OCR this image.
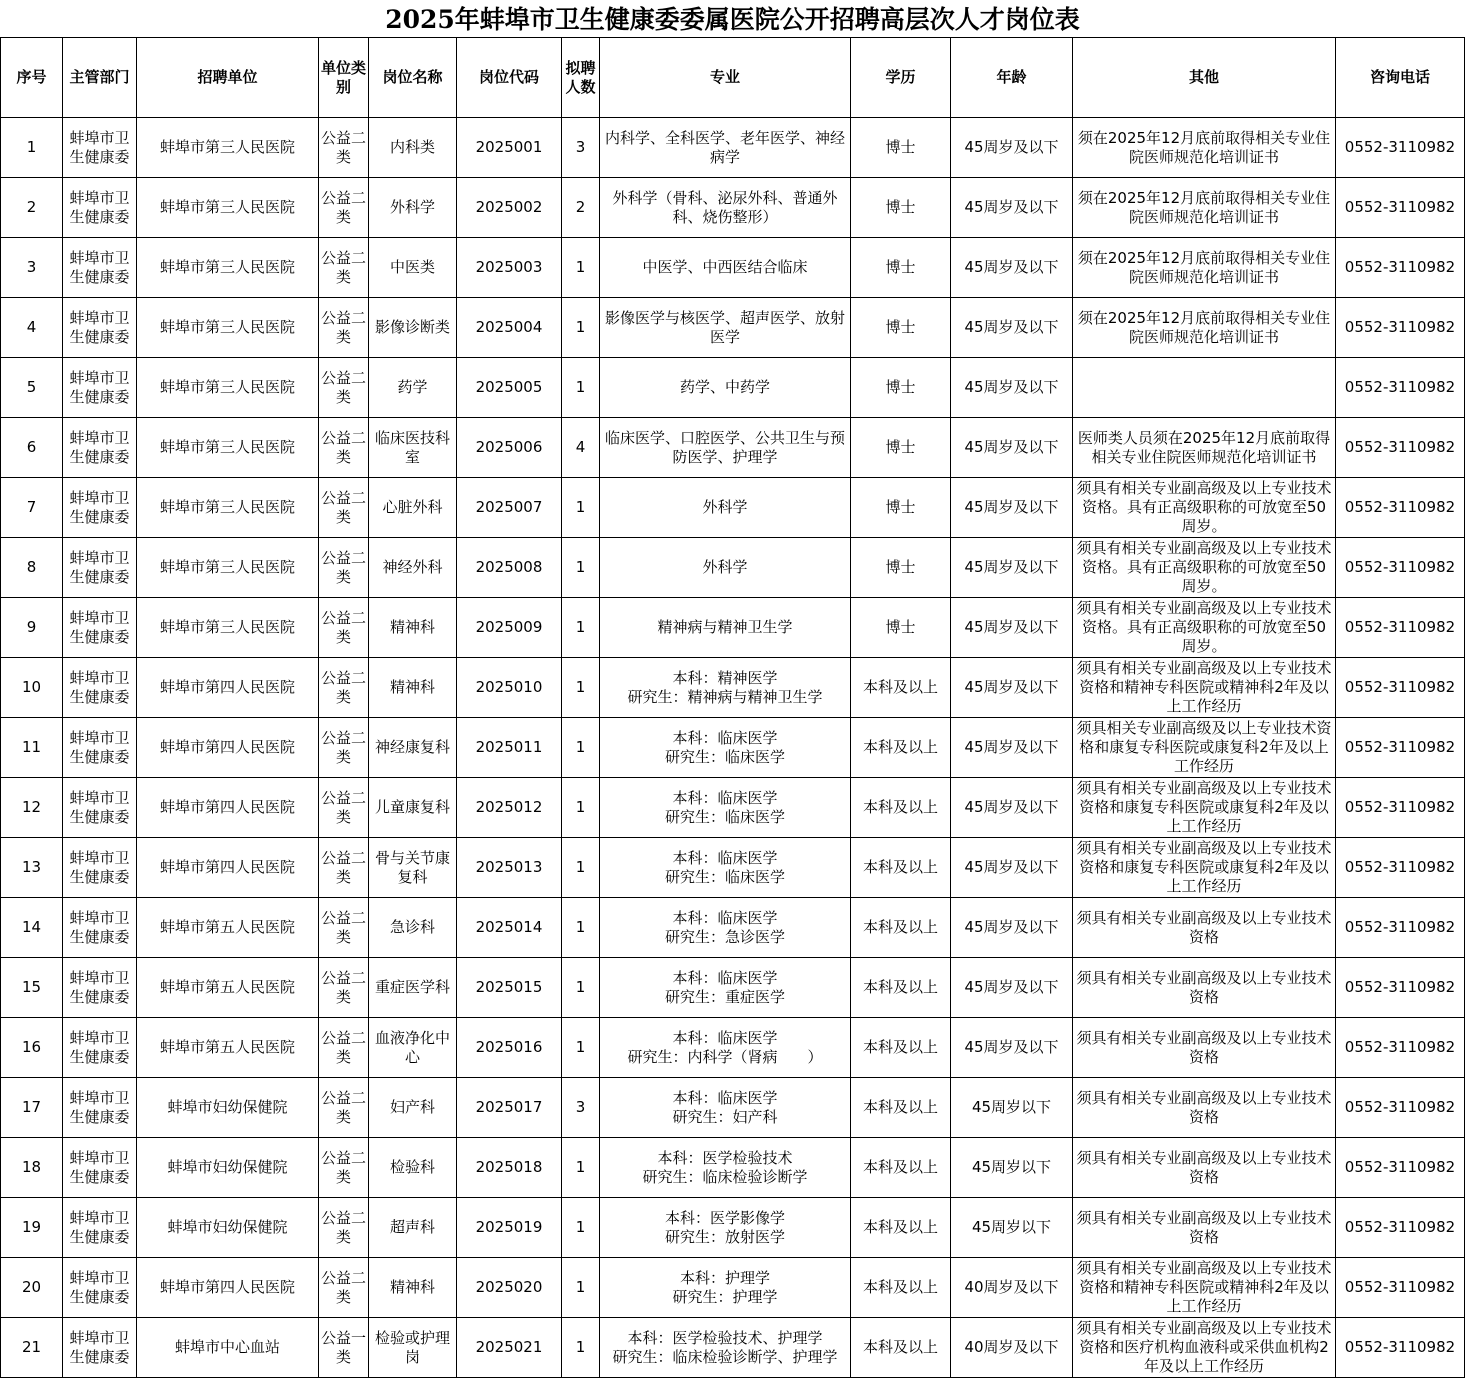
2025年蚌埠市卫生健康委委属医院公开招聘高层次人才岗位表
序号	主管部门	招聘单位	单位类别	岗位名称	岗位代码	拟聘人数	专业	学历	年龄	其他	咨询电话
1	蚌埠市卫生健康委	蚌埠市第三人民医院	公益二类	内科类	2025001	3	内科学、全科医学、老年医学、神经病学	博士	45周岁及以下	须在2025年12月底前取得相关专业住院医师规范化培训证书	0552-3110982
2	蚌埠市卫生健康委	蚌埠市第三人民医院	公益二类	外科学	2025002	2	外科学（骨科、泌尿外科、普通外科、烧伤整形）	博士	45周岁及以下	须在2025年12月底前取得相关专业住院医师规范化培训证书	0552-3110982
3	蚌埠市卫生健康委	蚌埠市第三人民医院	公益二类	中医类	2025003	1	中医学、中西医结合临床	博士	45周岁及以下	须在2025年12月底前取得相关专业住院医师规范化培训证书	0552-3110982
4	蚌埠市卫生健康委	蚌埠市第三人民医院	公益二类	影像诊断类	2025004	1	影像医学与核医学、超声医学、放射医学	博士	45周岁及以下	须在2025年12月底前取得相关专业住院医师规范化培训证书	0552-3110982
5	蚌埠市卫生健康委	蚌埠市第三人民医院	公益二类	药学	2025005	1	药学、中药学	博士	45周岁及以下		0552-3110982
6	蚌埠市卫生健康委	蚌埠市第三人民医院	公益二类	临床医技科室	2025006	4	临床医学、口腔医学、公共卫生与预防医学、护理学	博士	45周岁及以下	医师类人员须在2025年12月底前取得相关专业住院医师规范化培训证书	0552-3110982
7	蚌埠市卫生健康委	蚌埠市第三人民医院	公益二类	心脏外科	2025007	1	外科学	博士	45周岁及以下	须具有相关专业副高级及以上专业技术资格。具有正高级职称的可放宽至50周岁。	0552-3110982
8	蚌埠市卫生健康委	蚌埠市第三人民医院	公益二类	神经外科	2025008	1	外科学	博士	45周岁及以下	须具有相关专业副高级及以上专业技术资格。具有正高级职称的可放宽至50周岁。	0552-3110982
9	蚌埠市卫生健康委	蚌埠市第三人民医院	公益二类	精神科	2025009	1	精神病与精神卫生学	博士	45周岁及以下	须具有相关专业副高级及以上专业技术资格。具有正高级职称的可放宽至50周岁。	0552-3110982
10	蚌埠市卫生健康委	蚌埠市第四人民医院	公益二类	精神科	2025010	1	本科：精神医学
研究生：精神病与精神卫生学	本科及以上	45周岁及以下	须具有相关专业副高级及以上专业技术资格和精神专科医院或精神科2年及以上工作经历	0552-3110982
11	蚌埠市卫生健康委	蚌埠市第四人民医院	公益二类	神经康复科	2025011	1	本科：临床医学
研究生：临床医学	本科及以上	45周岁及以下	须具相关专业副高级及以上专业技术资格和康复专科医院或康复科2年及以上工作经历	0552-3110982
12	蚌埠市卫生健康委	蚌埠市第四人民医院	公益二类	儿童康复科	2025012	1	本科：临床医学
研究生：临床医学	本科及以上	45周岁及以下	须具有相关专业副高级及以上专业技术资格和康复专科医院或康复科2年及以上工作经历	0552-3110982
13	蚌埠市卫生健康委	蚌埠市第四人民医院	公益二类	骨与关节康复科	2025013	1	本科：临床医学
研究生：临床医学	本科及以上	45周岁及以下	须具有相关专业副高级及以上专业技术资格和康复专科医院或康复科2年及以上工作经历	0552-3110982
14	蚌埠市卫生健康委	蚌埠市第五人民医院	公益二类	急诊科	2025014	1	本科：临床医学
研究生：急诊医学	本科及以上	45周岁及以下	须具有相关专业副高级及以上专业技术资格	0552-3110982
15	蚌埠市卫生健康委	蚌埠市第五人民医院	公益二类	重症医学科	2025015	1	本科：临床医学
研究生：重症医学	本科及以上	45周岁及以下	须具有相关专业副高级及以上专业技术资格	0552-3110982
16	蚌埠市卫生健康委	蚌埠市第五人民医院	公益二类	血液净化中心	2025016	1	本科：临床医学
研究生：内科学（肾病　　）	本科及以上	45周岁及以下	须具有相关专业副高级及以上专业技术资格	0552-3110982
17	蚌埠市卫生健康委	蚌埠市妇幼保健院	公益二类	妇产科	2025017	3	本科：临床医学
研究生：妇产科	本科及以上	45周岁以下	须具有相关专业副高级及以上专业技术资格	0552-3110982
18	蚌埠市卫生健康委	蚌埠市妇幼保健院	公益二类	检验科	2025018	1	本科：医学检验技术
研究生：临床检验诊断学	本科及以上	45周岁以下	须具有相关专业副高级及以上专业技术资格	0552-3110982
19	蚌埠市卫生健康委	蚌埠市妇幼保健院	公益二类	超声科	2025019	1	本科：医学影像学
研究生：放射医学	本科及以上	45周岁以下	须具有相关专业副高级及以上专业技术资格	0552-3110982
20	蚌埠市卫生健康委	蚌埠市第四人民医院	公益二类	精神科	2025020	1	本科：护理学
研究生：护理学	本科及以上	40周岁及以下	须具有相关专业副高级及以上专业技术资格和精神专科医院或精神科2年及以上工作经历	0552-3110982
21	蚌埠市卫生健康委	蚌埠市中心血站	公益一类	检验或护理岗	2025021	1	本科：医学检验技术、护理学
研究生：临床检验诊断学、护理学	本科及以上	40周岁及以下	须具有相关专业副高级及以上专业技术资格和医疗机构血液科或采供血机构2年及以上工作经历	0552-3110982
